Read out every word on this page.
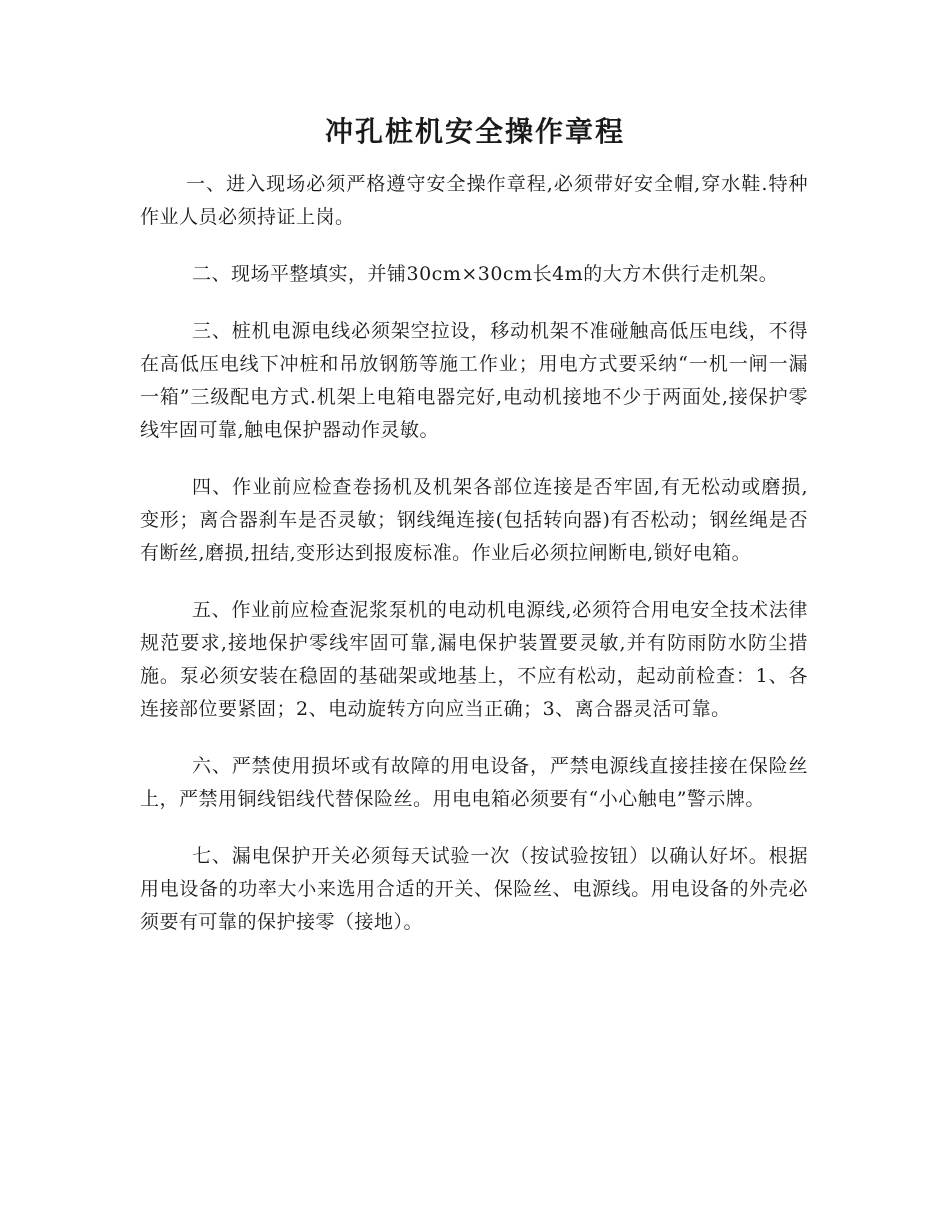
冲孔桩机安全操作章程

一、进入现场必须严格遵守安全操作章程,必须带好安全帽,穿水鞋.特种作业人员必须持证上岗。

二、现场平整填实，并铺30cm×30cm长4m的大方木供行走机架。

三、桩机电源电线必须架空拉设，移动机架不准碰触高低压电线，不得在高低压电线下冲桩和吊放钢筋等施工作业；用电方式要采纳“一机一闸一漏一箱”三级配电方式.机架上电箱电器完好,电动机接地不少于两面处,接保护零线牢固可靠,触电保护器动作灵敏。

四、作业前应检查卷扬机及机架各部位连接是否牢固,有无松动或磨损,变形；离合器刹车是否灵敏；钢线绳连接(包括转向器)有否松动；钢丝绳是否有断丝,磨损,扭结,变形达到报废标准。作业后必须拉闸断电,锁好电箱。

五、作业前应检查泥浆泵机的电动机电源线,必须符合用电安全技术法律规范要求,接地保护零线牢固可靠,漏电保护装置要灵敏,并有防雨防水防尘措施。泵必须安装在稳固的基础架或地基上，不应有松动，起动前检查：1、各连接部位要紧固；2、电动旋转方向应当正确；3、离合器灵活可靠。

六、严禁使用损坏或有故障的用电设备，严禁电源线直接挂接在保险丝上，严禁用铜线铝线代替保险丝。用电电箱必须要有“小心触电”警示牌。

七、漏电保护开关必须每天试验一次（按试验按钮）以确认好坏。根据用电设备的功率大小来选用合适的开关、保险丝、电源线。用电设备的外壳必须要有可靠的保护接零（接地）。
